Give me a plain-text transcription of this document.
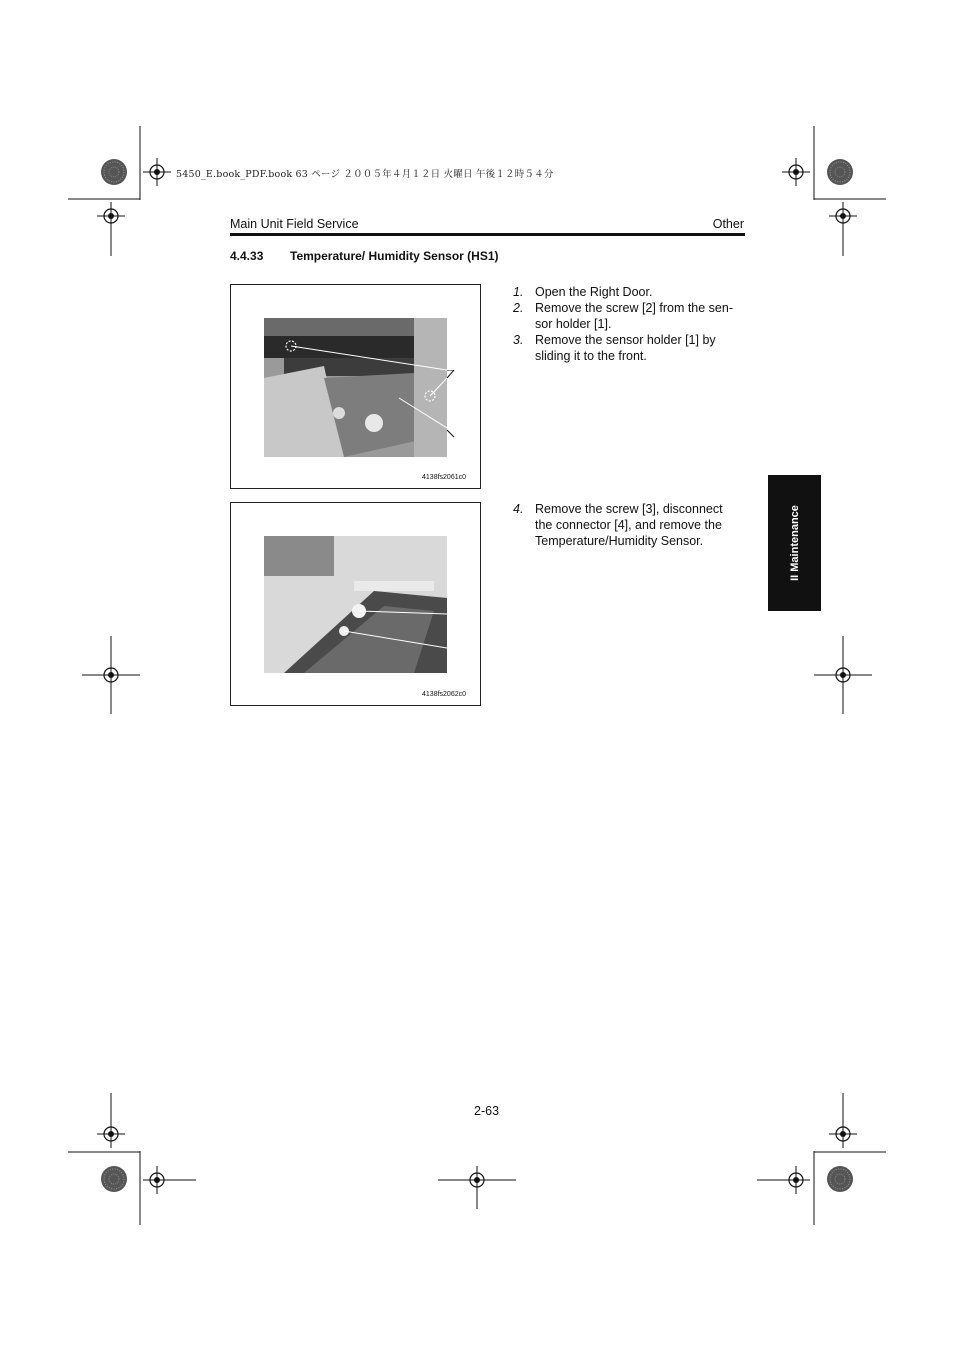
5450_E.book_PDF.book 63 ページ ２００５年４月１２日 火曜日 午後１２時５４分
Main Unit Field Service	Other
4.4.33 Temperature/ Humidity Sensor (HS1)
4138fs2061c0
4138fs2062c0
1. Open the Right Door.
2. Remove the screw [2] from the sen-
sor holder [1].
3. Remove the sensor holder [1] by
sliding it to the front.
4. Remove the screw [3], disconnect
the connector [4], and remove the
Temperature/Humidity Sensor.	II Maintenance
2-63
